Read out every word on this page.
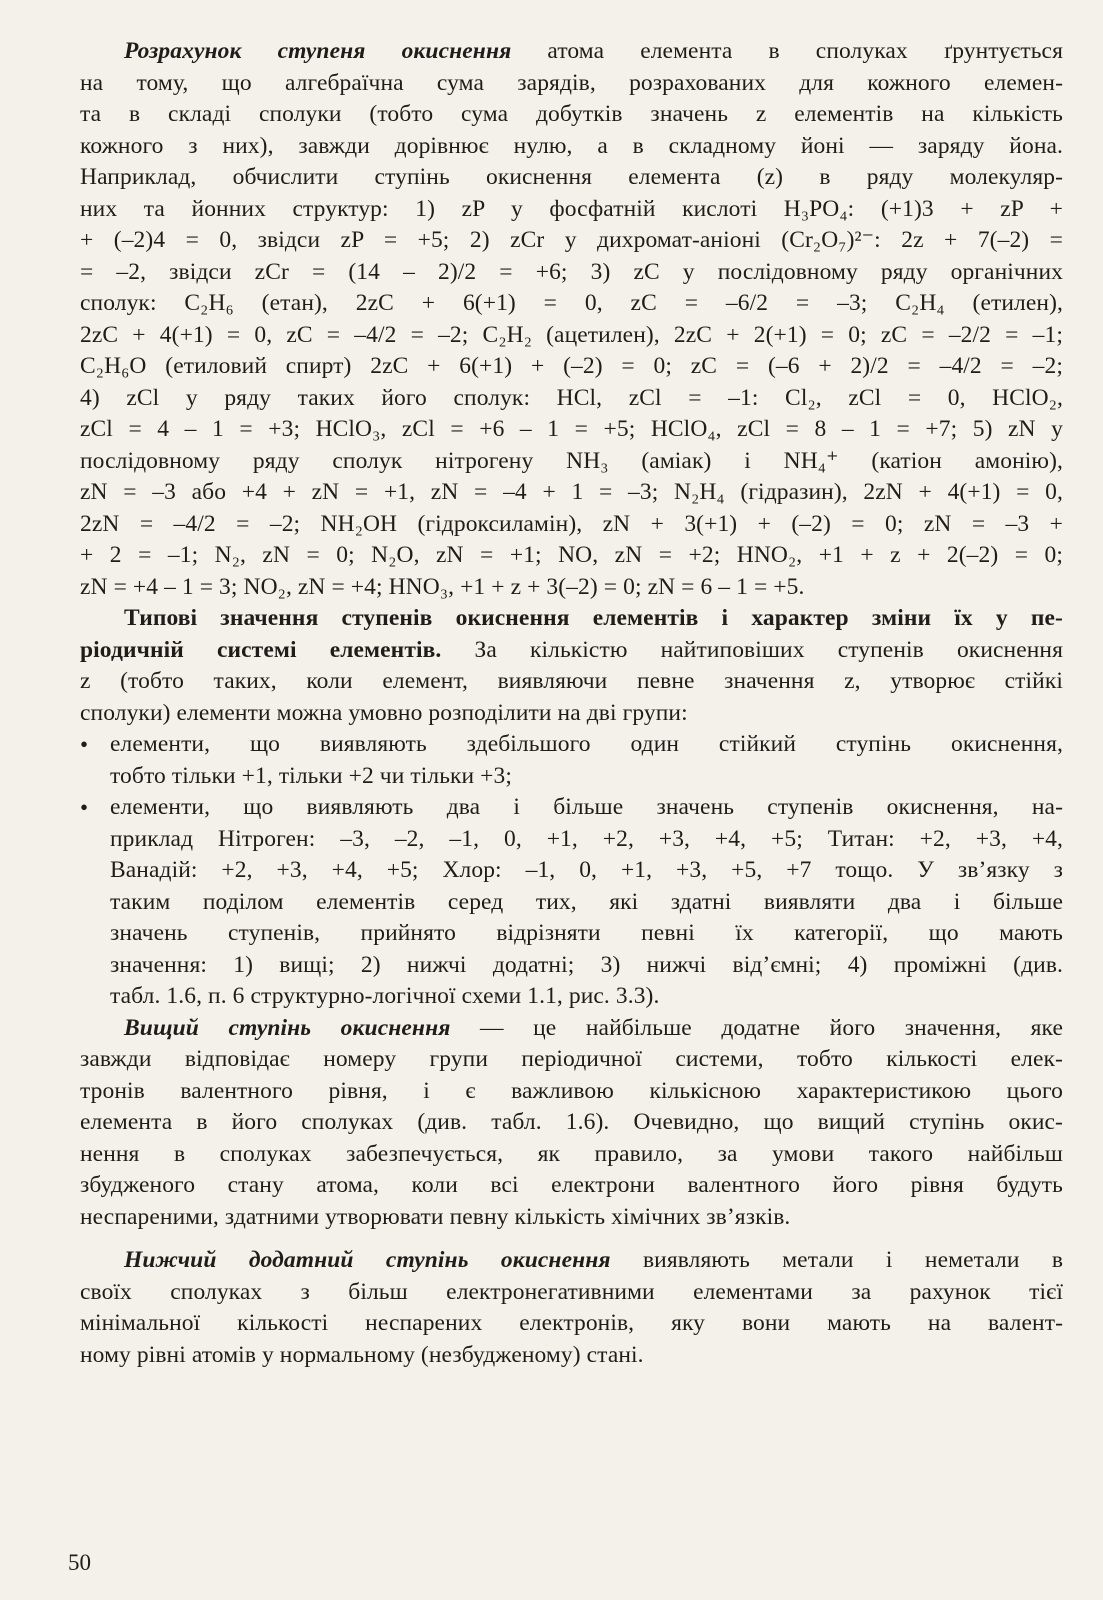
Розрахунок ступеня окиснення атома елемента в сполуках ґрунтується
на тому, що алгебраїчна сума зарядів, розрахованих для кожного елемен-
та в складі сполуки (тобто сума добутків значень z елементів на кількість
кожного з них), завжди дорівнює нулю, а в складному йоні — заряду йона.
Наприклад, обчислити ступінь окиснення елемента (z) в ряду молекуляр-
них та йонних структур: 1) zP у фосфатній кислоті H₃PO₄: (+1)3 + zP +
+ (–2)4 = 0, звідси zP = +5; 2) zCr у дихромат-аніоні (Cr₂O₇)²⁻: 2z + 7(–2) =
= –2, звідси zCr = (14 – 2)/2 = +6; 3) zC у послідовному ряду органічних
сполук: C₂H₆ (етан), 2zC + 6(+1) = 0, zC = –6/2 = –3; C₂H₄ (етилен),
2zC + 4(+1) = 0, zC = –4/2 = –2; C₂H₂ (ацетилен), 2zC + 2(+1) = 0; zC = –2/2 = –1;
C₂H₆O (етиловий спирт) 2zC + 6(+1) + (–2) = 0; zC = (–6 + 2)/2 = –4/2 = –2;
4) zCl у ряду таких його сполук: HCl, zCl = –1: Cl₂, zCl = 0, HClO₂,
zCl = 4 – 1 = +3; HClO₃, zCl = +6 – 1 = +5; HClO₄, zCl = 8 – 1 = +7; 5) zN у
послідовному ряду сполук нітрогену NH₃ (аміак) і NH₄⁺ (катіон амонію),
zN = –3 або +4 + zN = +1, zN = –4 + 1 = –3; N₂H₄ (гідразин), 2zN + 4(+1) = 0,
2zN = –4/2 = –2; NH₂OH (гідроксиламін), zN + 3(+1) + (–2) = 0; zN = –3 +
+ 2 = –1; N₂, zN = 0; N₂O, zN = +1; NO, zN = +2; HNO₂, +1 + z + 2(–2) = 0;
zN = +4 – 1 = 3; NO₂, zN = +4; HNO₃, +1 + z + 3(–2) = 0; zN = 6 – 1 = +5.
Типові значення ступенів окиснення елементів і характер зміни їх у пе-
ріодичній системі елементів. За кількістю найтиповіших ступенів окиснення
z (тобто таких, коли елемент, виявляючи певне значення z, утворює стійкі
сполуки) елементи можна умовно розподілити на дві групи:
• елементи, що виявляють здебільшого один стійкий ступінь окиснення,
тобто тільки +1, тільки +2 чи тільки +3;
• елементи, що виявляють два і більше значень ступенів окиснення, на-
приклад Нітроген: –3, –2, –1, 0, +1, +2, +3, +4, +5; Титан: +2, +3, +4,
Ванадій: +2, +3, +4, +5; Хлор: –1, 0, +1, +3, +5, +7 тощо. У зв’язку з
таким поділом елементів серед тих, які здатні виявляти два і більше
значень ступенів, прийнято відрізняти певні їх категорії, що мають
значення: 1) вищі; 2) нижчі додатні; 3) нижчі від’ємні; 4) проміжні (див.
табл. 1.6, п. 6 структурно-логічної схеми 1.1, рис. 3.3).
Вищий ступінь окиснення — це найбільше додатне його значення, яке
завжди відповідає номеру групи періодичної системи, тобто кількості елек-
тронів валентного рівня, і є важливою кількісною характеристикою цього
елемента в його сполуках (див. табл. 1.6). Очевидно, що вищий ступінь окис-
нення в сполуках забезпечується, як правило, за умови такого найбільш
збудженого стану атома, коли всі електрони валентного його рівня будуть
неспареними, здатними утворювати певну кількість хімічних зв’язків.
Нижчий додатний ступінь окиснення виявляють метали і неметали в
своїх сполуках з більш електронегативними елементами за рахунок тієї
мінімальної кількості неспарених електронів, яку вони мають на валент-
ному рівні атомів у нормальному (незбудженому) стані.
50
